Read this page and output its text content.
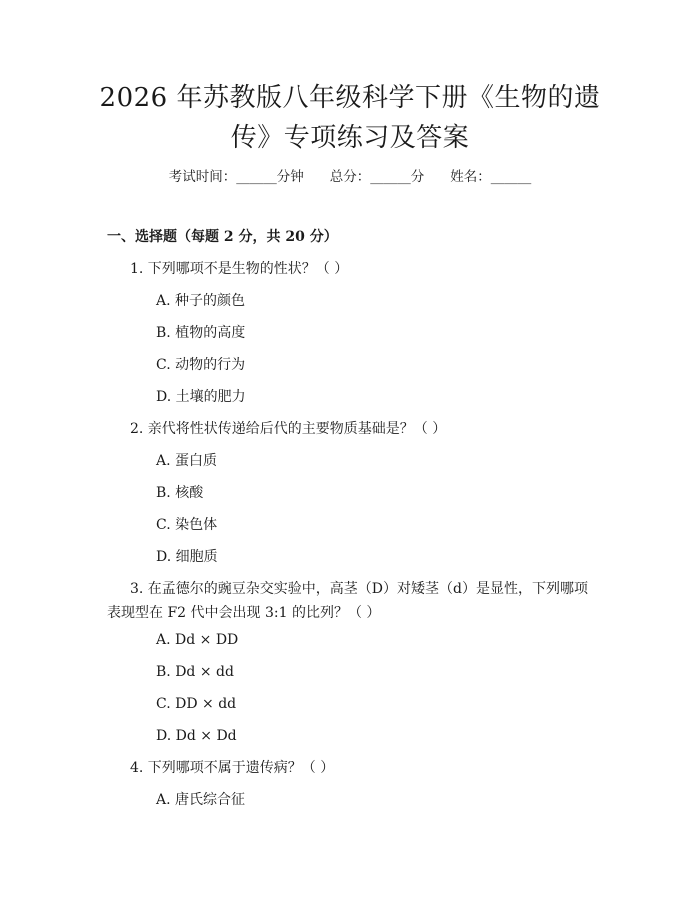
2026 年苏教版八年级科学下册《生物的遗
传》专项练习及答案
考试时间：______分钟 总分：______分 姓名：______
一、选择题（每题 2 分，共 20 分）
1. 下列哪项不是生物的性状？（ ）
A. 种子的颜色
B. 植物的高度
C. 动物的行为
D. 土壤的肥力
2. 亲代将性状传递给后代的主要物质基础是？（ ）
A. 蛋白质
B. 核酸
C. 染色体
D. 细胞质
3. 在孟德尔的豌豆杂交实验中，高茎（D）对矮茎（d）是显性，下列哪项表现型在 F2 代中会出现 3:1 的比列？（ ）
A. Dd × DD
B. Dd × dd
C. DD × dd
D. Dd × Dd
4. 下列哪项不属于遗传病？（ ）
A. 唐氏综合征
